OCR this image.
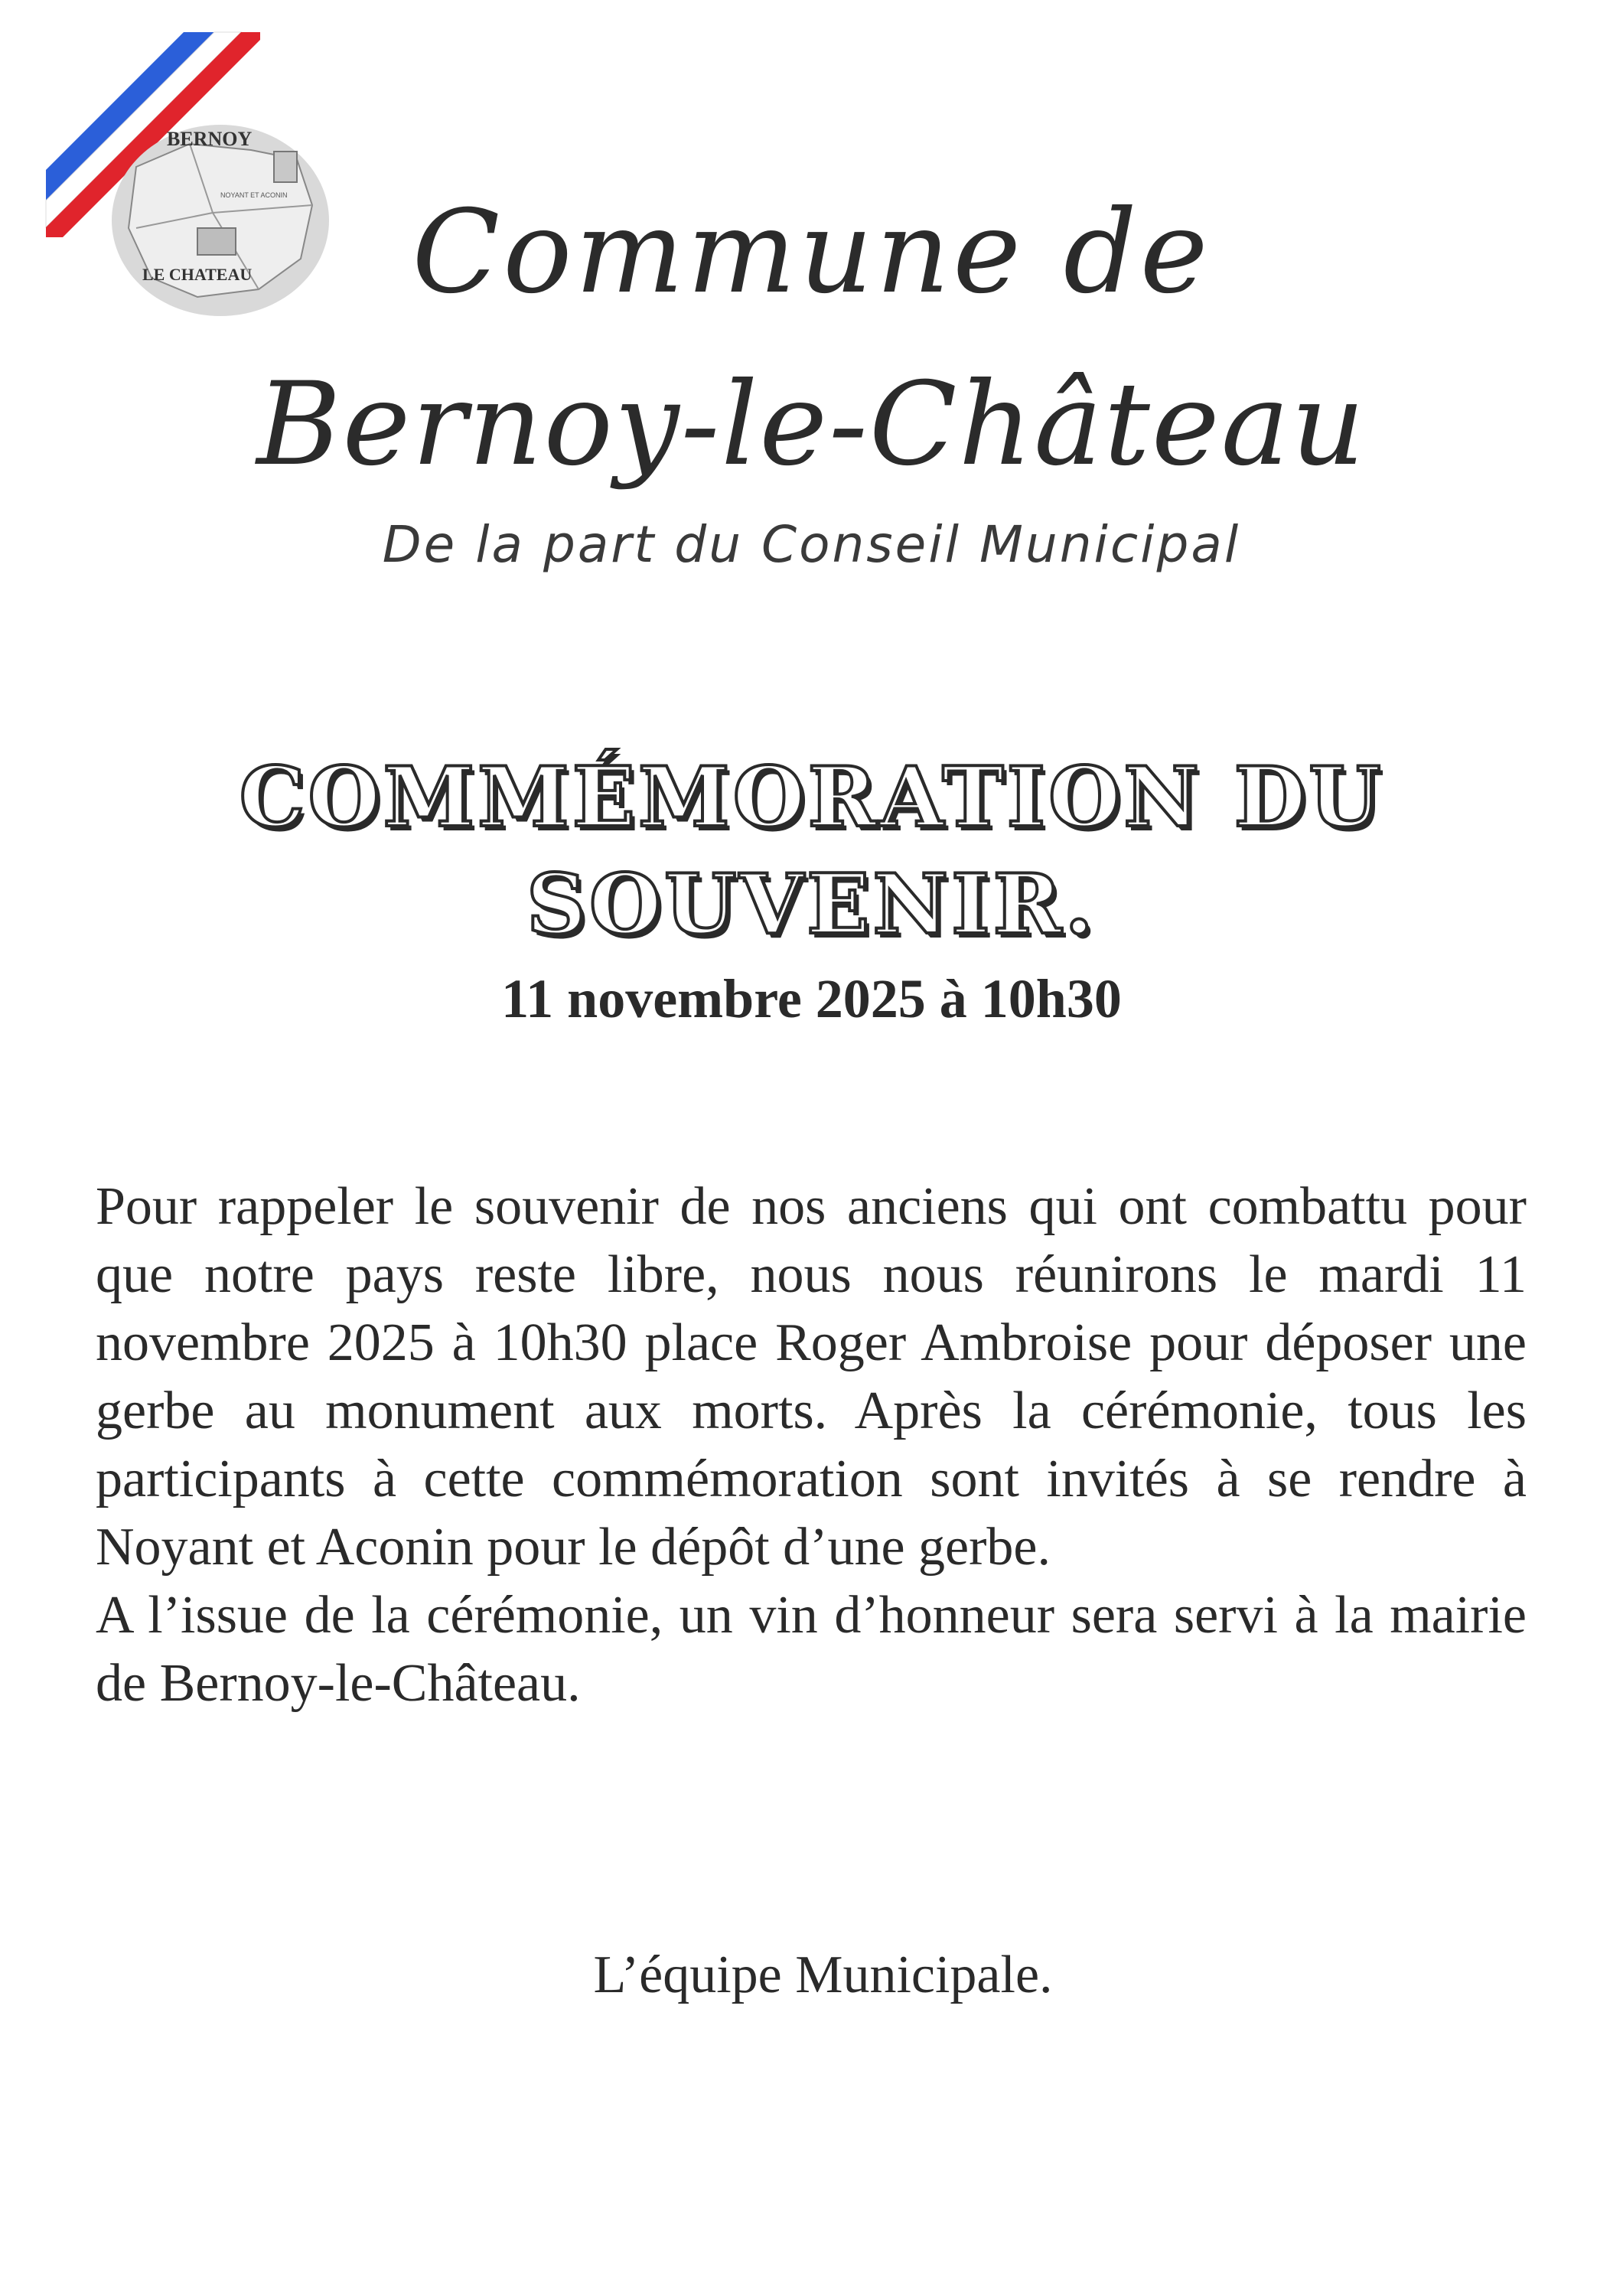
BERNOY
NOYANT ET ACONIN
LE CHATEAU	Commune de
Bernoy-le-Château
De la part du Conseil Municipal
COMMÉMORATION DU
SOUVENIR.
11 novembre 2025 à 10h30

Pour rappeler le souvenir de nos anciens qui ont combattu pour que notre pays reste libre, nous nous réunirons le mardi 11 novembre 2025 à 10h30 place Roger Ambroise pour déposer une gerbe au monument aux morts. Après la cérémonie, tous les participants à cette commémoration sont invités à se rendre à Noyant et Aconin pour le dépôt d’une gerbe.

A l’issue de la cérémonie, un vin d’honneur sera servi à la mairie de Bernoy-le-Château.

L’équipe Municipale.
